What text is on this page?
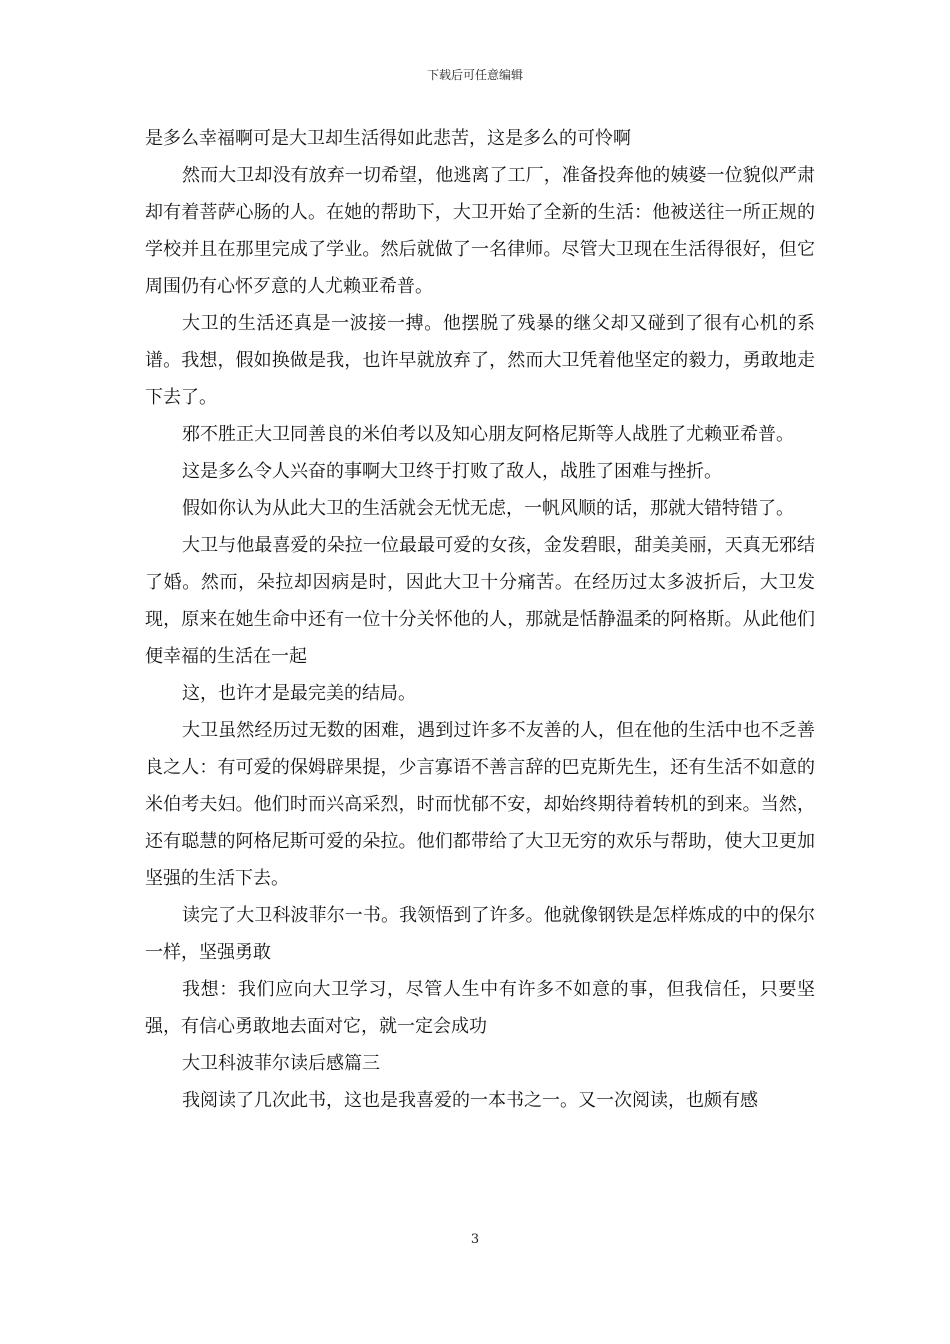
下载后可任意编辑

是多么幸福啊可是大卫却生活得如此悲苦，这是多么的可怜啊

然而大卫却没有放弃一切希望，他逃离了工厂，准备投奔他的姨婆一位貌似严肃却有着菩萨心肠的人。在她的帮助下，大卫开始了全新的生活：他被送往一所正规的学校并且在那里完成了学业。然后就做了一名律师。尽管大卫现在生活得很好，但它周围仍有心怀歹意的人尤赖亚希普。

大卫的生活还真是一波接一搏。他摆脱了残暴的继父却又碰到了很有心机的系谱。我想，假如换做是我，也许早就放弃了，然而大卫凭着他坚定的毅力，勇敢地走下去了。

邪不胜正大卫同善良的米伯考以及知心朋友阿格尼斯等人战胜了尤赖亚希普。

这是多么令人兴奋的事啊大卫终于打败了敌人，战胜了困难与挫折。

假如你认为从此大卫的生活就会无忧无虑，一帆风顺的话，那就大错特错了。

大卫与他最喜爱的朵拉一位最最可爱的女孩，金发碧眼，甜美美丽，天真无邪结了婚。然而，朵拉却因病是时，因此大卫十分痛苦。在经历过太多波折后，大卫发现，原来在她生命中还有一位十分关怀他的人，那就是恬静温柔的阿格斯。从此他们便幸福的生活在一起

这，也许才是最完美的结局。

大卫虽然经历过无数的困难，遇到过许多不友善的人，但在他的生活中也不乏善良之人：有可爱的保姆辟果提，少言寡语不善言辞的巴克斯先生，还有生活不如意的米伯考夫妇。他们时而兴高采烈，时而忧郁不安，却始终期待着转机的到来。当然，还有聪慧的阿格尼斯可爱的朵拉。他们都带给了大卫无穷的欢乐与帮助，使大卫更加坚强的生活下去。

读完了大卫科波菲尔一书。我领悟到了许多。他就像钢铁是怎样炼成的中的保尔一样，坚强勇敢

我想：我们应向大卫学习，尽管人生中有许多不如意的事，但我信任，只要坚强，有信心勇敢地去面对它，就一定会成功

大卫科波菲尔读后感篇三

我阅读了几次此书，这也是我喜爱的一本书之一。又一次阅读，也颇有感

3
